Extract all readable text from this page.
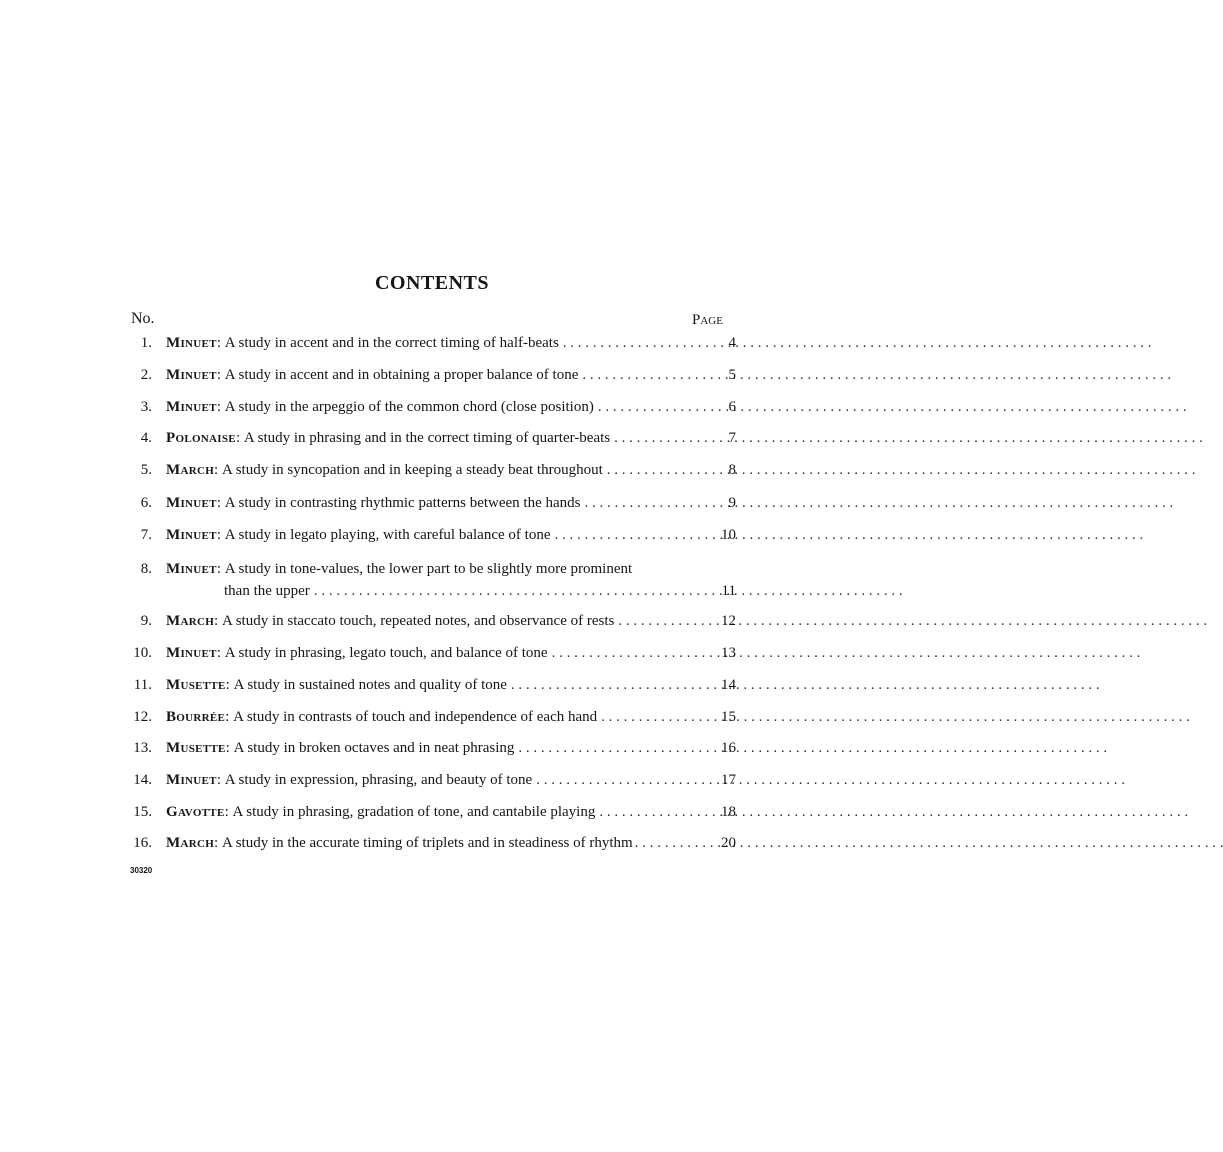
CONTENTS
No.	Page
1. Minuet : A study in accent and in the correct timing of half-beats . . .	4
2. Minuet : A study in accent and in obtaining a proper balance of tone . . .	5
3. Minuet : A study in the arpeggio of the common chord (close position) . . .	6
4. Polonaise : A study in phrasing and in the correct timing of quarter-beats . . .	7
5. March : A study in syncopation and in keeping a steady beat throughout . . .	8
6. Minuet : A study in contrasting rhythmic patterns between the hands . . .	9
7. Minuet : A study in legato playing, with careful balance of tone . . .	10
8. Minuet : A study in tone-values, the lower part to be slightly more prominent
than the upper . . .	11
9. March : A study in staccato touch, repeated notes, and observance of rests . . .	12
10. Minuet : A study in phrasing, legato touch, and balance of tone . . .	13
11. Musette : A study in sustained notes and quality of tone . . .	14
12. Bourrée : A study in contrasts of touch and independence of each hand . . .	15
13. Musette : A study in broken octaves and in neat phrasing . . .	16
14. Minuet : A study in expression, phrasing, and beauty of tone . . .	17
15. Gavotte : A study in phrasing, gradation of tone, and cantabile playing . . .	18
16. March : A study in the accurate timing of triplets and in steadiness of rhythm . . .	20
30320
